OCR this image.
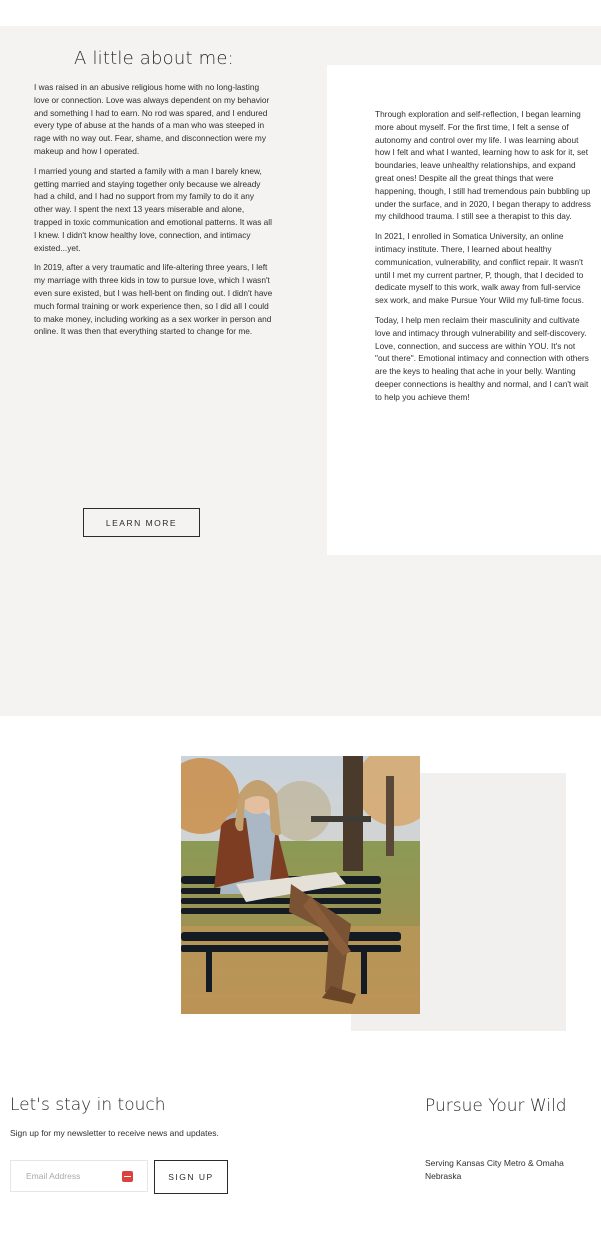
A little about me:

I was raised in an abusive religious home with no long-lasting love or connection. Love was always dependent on my behavior and something I had to earn. No rod was spared, and I endured every type of abuse at the hands of a man who was steeped in rage with no way out. Fear, shame, and disconnection were my makeup and how I operated.

I married young and started a family with a man I barely knew, getting married and staying together only because we already had a child, and I had no support from my family to do it any other way. I spent the next 13 years miserable and alone, trapped in toxic communication and emotional patterns. It was all I knew. I didn't know healthy love, connection, and intimacy existed...yet.

In 2019, after a very traumatic and life-altering three years, I left my marriage with three kids in tow to pursue love, which I wasn't even sure existed, but I was hell-bent on finding out. I didn't have much formal training or work experience then, so I did all I could to make money, including working as a sex worker in person and online. It was then that everything started to change for me.

Through exploration and self-reflection, I began learning more about myself. For the first time, I felt a sense of autonomy and control over my life. I was learning about how I felt and what I wanted, learning how to ask for it, set boundaries, leave unhealthy relationships, and expand great ones! Despite all the great things that were happening, though, I still had tremendous pain bubbling up under the surface, and in 2020, I began therapy to address my childhood trauma. I still see a therapist to this day.

In 2021, I enrolled in Somatica University, an online intimacy institute. There, I learned about healthy communication, vulnerability, and conflict repair. It wasn't until I met my current partner, P, though, that I decided to dedicate myself to this work, walk away from full-service sex work, and make Pursue Your Wild my full-time focus.

Today, I help men reclaim their masculinity and cultivate love and intimacy through vulnerability and self-discovery. Love, connection, and success are within YOU. It's not "out there". Emotional intimacy and connection with others are the keys to healing that ache in your belly. Wanting deeper connections is healthy and normal, and I can't wait to help you achieve them!

LEARN MORE
Let's stay in touch
Sign up for my newsletter to receive news and updates.
Email Address
SIGN UP
Pursue Your Wild
Serving Kansas City Metro & Omaha Nebraska
